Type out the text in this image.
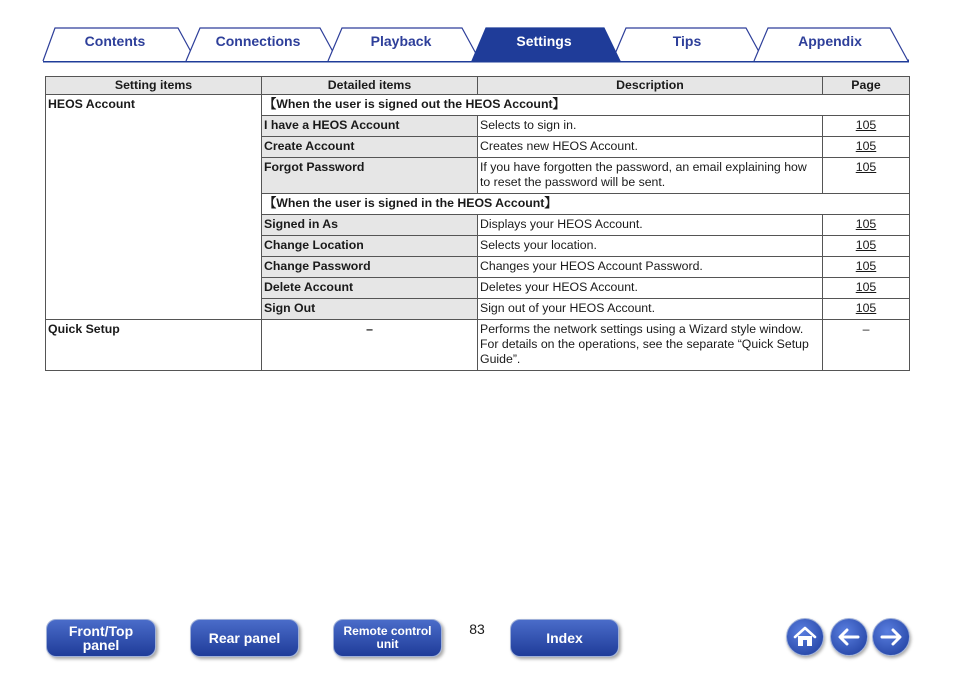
Contents	Connections	Playback	Settings	Tips	Appendix
Setting items	Detailed items	Description	Page
HEOS Account	【When the user is signed out the HEOS Account】		
	I have a HEOS Account	Selects to sign in.	105
	Create Account	Creates new HEOS Account.	105
	Forgot Password	If you have forgotten the password, an email explaining how to reset the password will be sent.	105
	【When the user is signed in the HEOS Account】		
	Signed in As	Displays your HEOS Account.	105
	Change Location	Selects your location.	105
	Change Password	Changes your HEOS Account Password.	105
	Delete Account	Deletes your HEOS Account.	105
	Sign Out	Sign out of your HEOS Account.	105
Quick Setup	–	Performs the network settings using a Wizard style window. For details on the operations, see the separate “Quick Setup Guide”.	–
Front/Top
panel	Rear panel	Remote control
unit
83
Index
